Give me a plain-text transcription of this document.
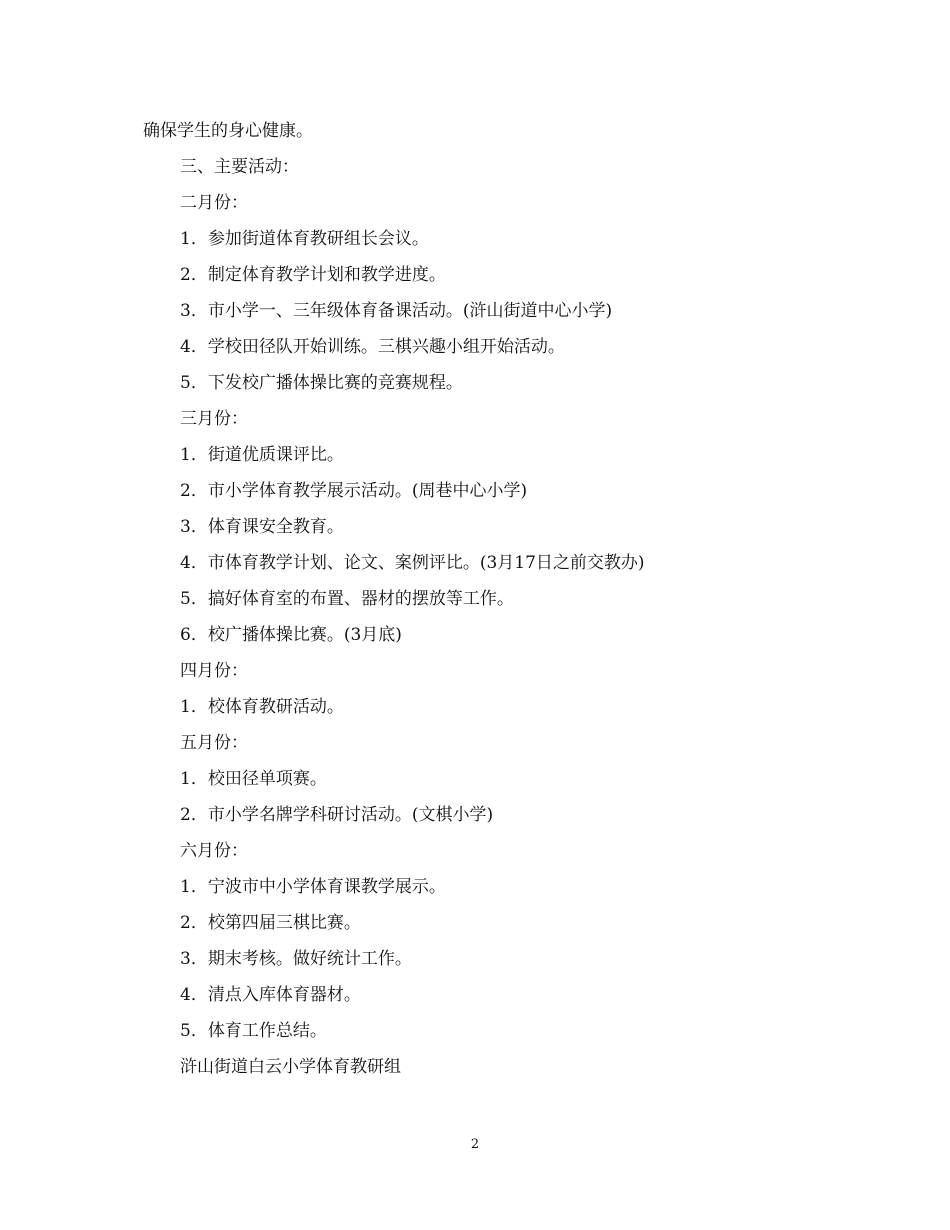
确保学生的身心健康。
三、主要活动：
二月份：
1．参加街道体育教研组长会议。
2．制定体育教学计划和教学进度。
3．市小学一、三年级体育备课活动。(浒山街道中心小学)
4．学校田径队开始训练。三棋兴趣小组开始活动。
5．下发校广播体操比赛的竞赛规程。
三月份：
1．街道优质课评比。
2．市小学体育教学展示活动。(周巷中心小学)
3．体育课安全教育。
4．市体育教学计划、论文、案例评比。(3月17日之前交教办)
5．搞好体育室的布置、器材的摆放等工作。
6．校广播体操比赛。(3月底)
四月份：
1．校体育教研活动。
五月份：
1．校田径单项赛。
2．市小学名牌学科研讨活动。(文棋小学)
六月份：
1．宁波市中小学体育课教学展示。
2．校第四届三棋比赛。
3．期末考核。做好统计工作。
4．清点入库体育器材。
5．体育工作总结。
浒山街道白云小学体育教研组
2
